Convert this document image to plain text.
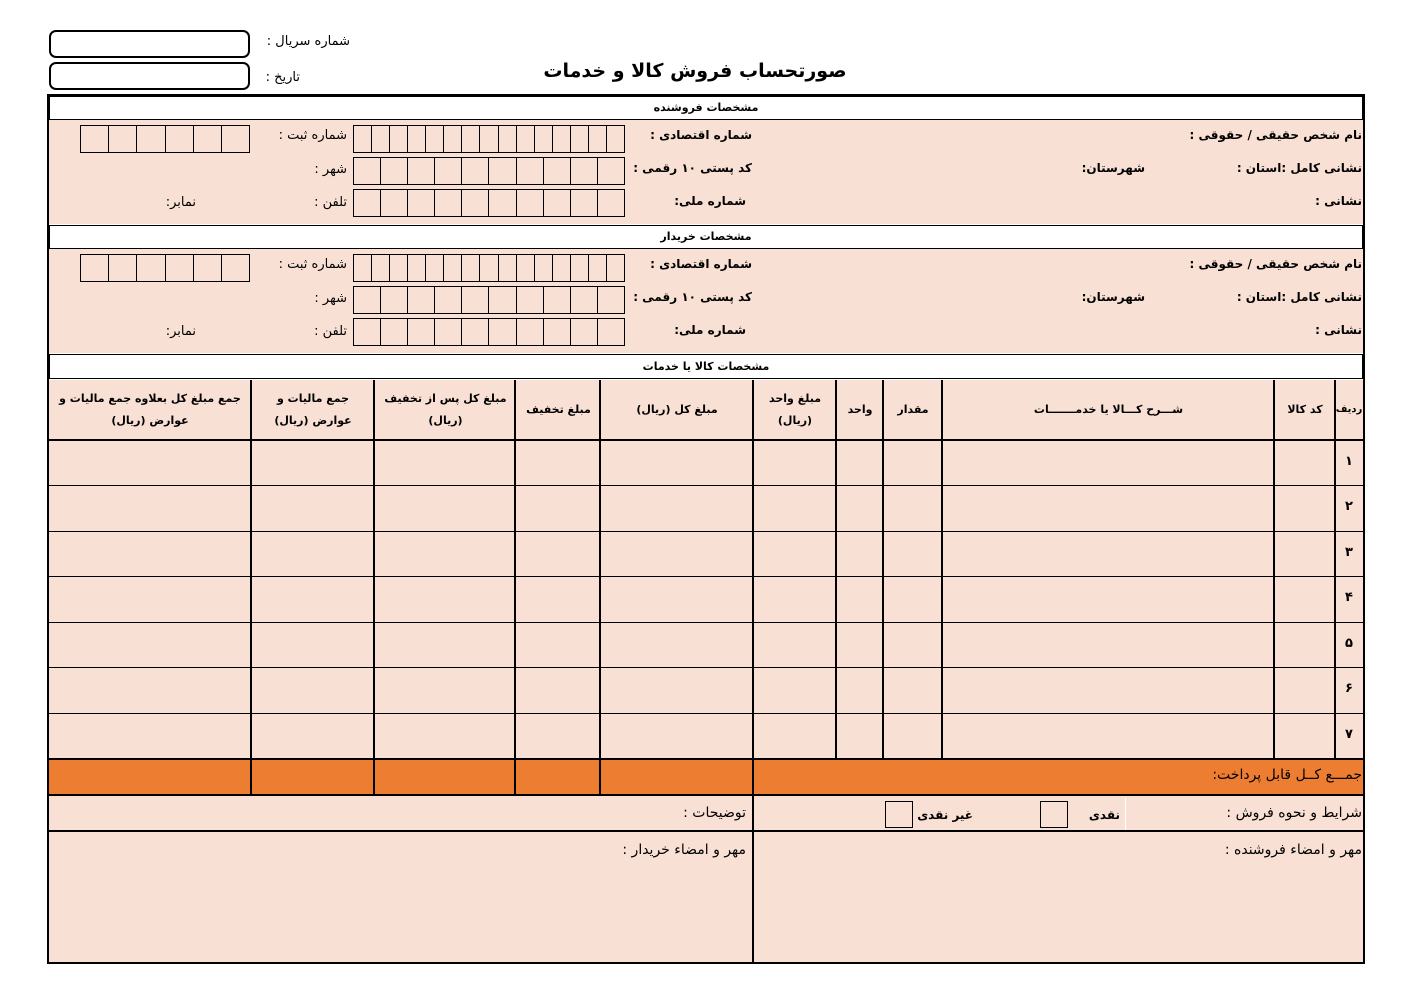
شماره سریال :
تاریخ :	صورتحساب فروش کالا و خدمات
مشخصات فروشنده
نام شخص حقیقی / حقوقی :
شماره اقتصادی :
شماره ثبت :
نشانی کامل :استان :
شهرستان:
کد پستی ۱۰ رقمی :
شهر :
نشانی :
شماره ملی:
تلفن :
نمابر:
مشخصات خریدار
نام شخص حقیقی / حقوقی :
شماره اقتصادی :
شماره ثبت :
نشانی کامل :استان :
شهرستان:
کد پستی ۱۰ رقمی :
شهر :
نشانی :
شماره ملی:
تلفن :
نمابر:
مشخصات کالا یا خدمات
ردیف
کد کالا
شـــرح کـــالا یا خدمـــــــات
مقدار
واحد
مبلغ واحد (ریال)
مبلغ کل (ریال)
مبلغ تخفیف
مبلغ کل پس از تخفیف (ریال)
جمع مالیات و عوارض (ریال)
جمع مبلغ کل بعلاوه جمع مالیات و عوارض (ریال)
۱
۲
۳
۴
۵
۶
۷
جمـــع کــل قابل پرداخت:
شرایط و نحوه فروش :
نقدی
غیر نقدی
توضیحات :
مهر و امضاء فروشنده :
مهر و امضاء خریدار :
